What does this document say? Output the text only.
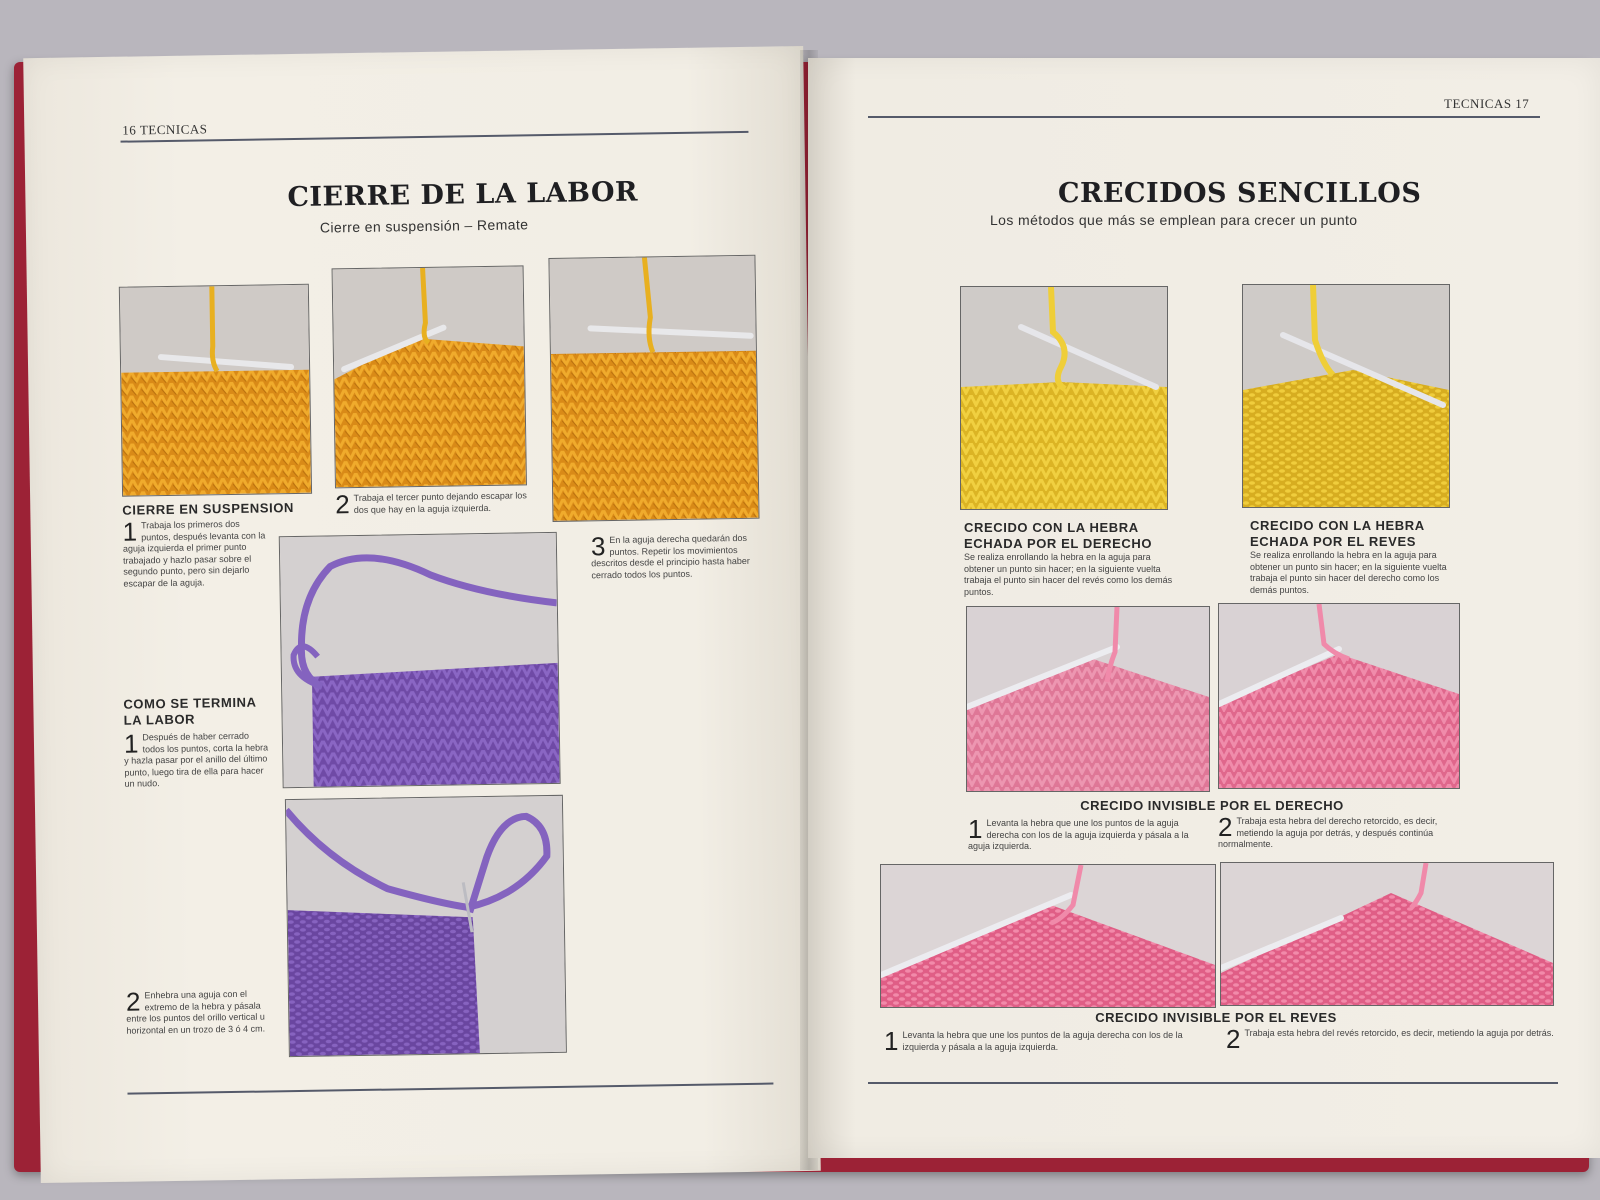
16 TECNICAS
CIERRE DE LA LABOR
Cierre en suspensión – Remate
CIERRE EN SUSPENSION
1 Trabaja los primeros dos puntos, después levanta con la aguja izquierda el primer punto trabajado y hazlo pasar sobre el segundo punto, pero sin dejarlo escapar de la aguja.
2 Trabaja el tercer punto dejando escapar los dos que hay en la aguja izquierda.
3 En la aguja derecha quedarán dos puntos. Repetir los movimientos descritos desde el principio hasta haber cerrado todos los puntos.
COMO SE TERMINA LA LABOR
1 Después de haber cerrado todos los puntos, corta la hebra y hazla pasar por el anillo del último punto, luego tira de ella para hacer un nudo.
2 Enhebra una aguja con el extremo de la hebra y pásala entre los puntos del orillo vertical u horizontal en un trozo de 3 ó 4 cm.
TECNICAS 17
CRECIDOS SENCILLOS
Los métodos que más se emplean para crecer un punto
CRECIDO CON LA HEBRA ECHADA POR EL DERECHO
Se realiza enrollando la hebra en la aguja para obtener un punto sin hacer; en la siguiente vuelta trabaja el punto sin hacer del revés como los demás puntos.
CRECIDO CON LA HEBRA ECHADA POR EL REVES
Se realiza enrollando la hebra en la aguja para obtener un punto sin hacer; en la siguiente vuelta trabaja el punto sin hacer del derecho como los demás puntos.
CRECIDO INVISIBLE POR EL DERECHO
1 Levanta la hebra que une los puntos de la aguja derecha con los de la aguja izquierda y pásala a la aguja izquierda.
2 Trabaja esta hebra del derecho retorcido, es decir, metiendo la aguja por detrás, y después continúa normalmente.
CRECIDO INVISIBLE POR EL REVES
1 Levanta la hebra que une los puntos de la aguja derecha con los de la izquierda y pásala a la aguja izquierda.	2 Trabaja esta hebra del revés retorcido, es decir, metiendo la aguja por detrás.
